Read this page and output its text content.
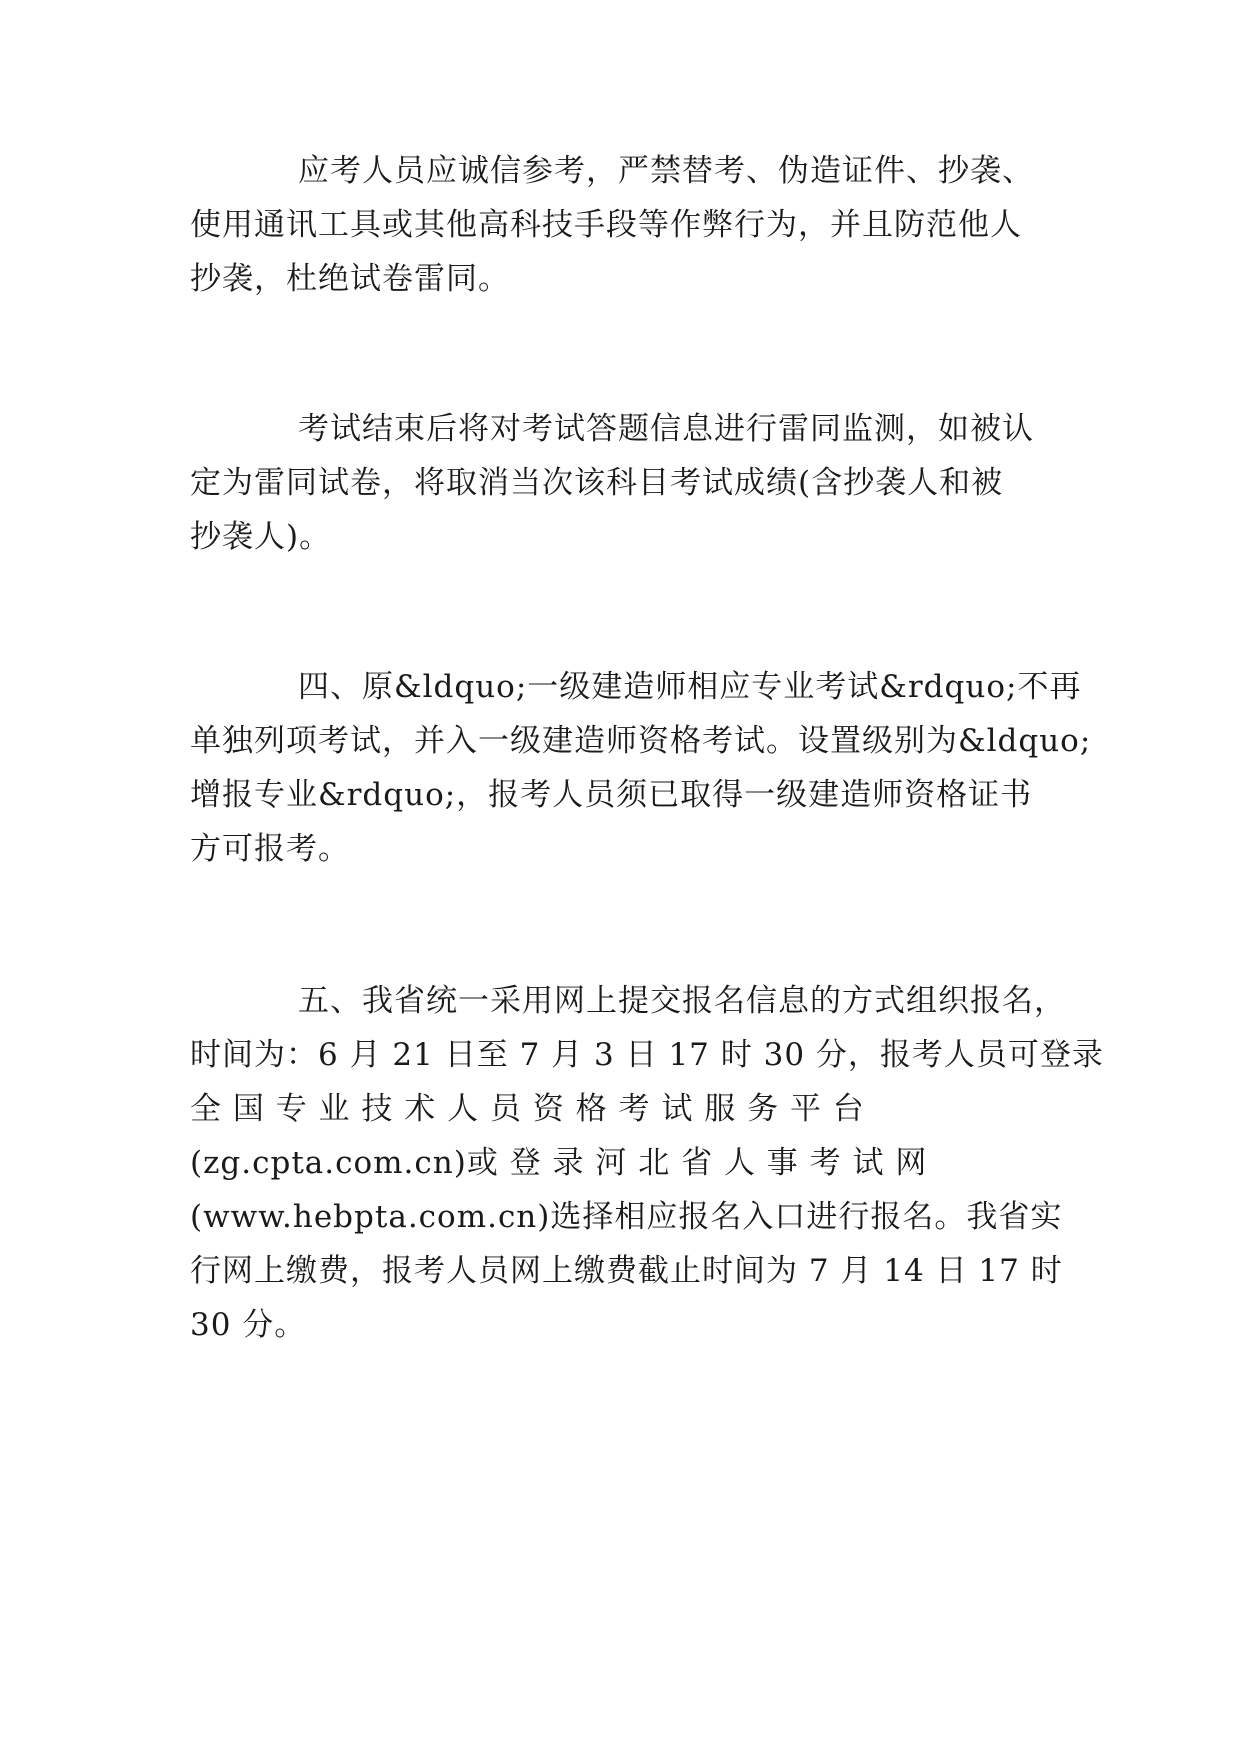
应考人员应诚信参考，严禁替考、伪造证件、抄袭、
使用通讯工具或其他高科技手段等作弊行为，并且防范他人
抄袭，杜绝试卷雷同。
考试结束后将对考试答题信息进行雷同监测，如被认
定为雷同试卷，将取消当次该科目考试成绩(含抄袭人和被
抄袭人)。
四、原&ldquo;一级建造师相应专业考试&rdquo;不再
单独列项考试，并入一级建造师资格考试。设置级别为&ldquo;
增报专业&rdquo;，报考人员须已取得一级建造师资格证书
方可报考。
五、我省统一采用网上提交报名信息的方式组织报名，
时间为：6 月 21 日至 7 月 3 日 17 时 30 分，报考人员可登录
全 国 专 业 技 术 人 员 资 格 考 试 服 务 平 台
(zg.cpta.com.cn)或 登 录 河 北 省 人 事 考 试 网
(www.hebpta.com.cn)选择相应报名入口进行报名。我省实
行网上缴费，报考人员网上缴费截止时间为 7 月 14 日 17 时
30 分。
